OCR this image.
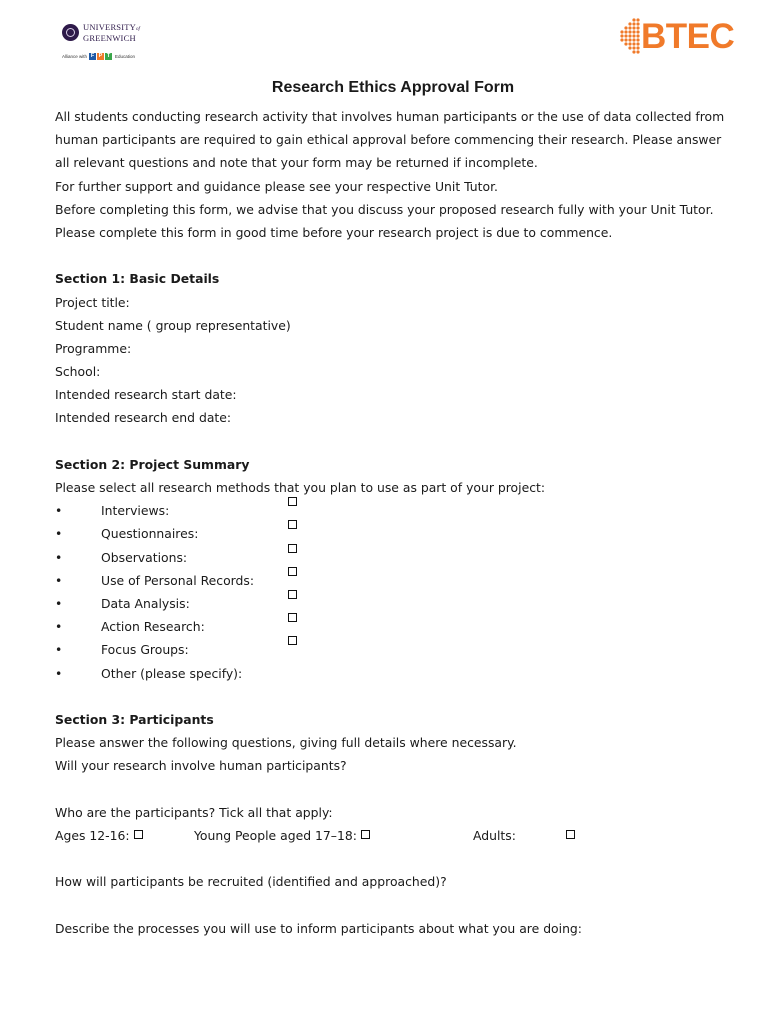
UNIVERSITYof
GREENWICH
Alliance with F P T	Education
BTEC
Research Ethics Approval Form
All students conducting research activity that involves human participants or the use of data collected from
human participants are required to gain ethical approval before commencing their research. Please answer
all relevant questions and note that your form may be returned if incomplete.
For further support and guidance please see your respective Unit Tutor.
Before completing this form, we advise that you discuss your proposed research fully with your Unit Tutor.
Please complete this form in good time before your research project is due to commence.
Section 1: Basic Details
Project title:
Student name ( group representative)
Programme:
School:
Intended research start date:
Intended research end date:
Section 2: Project Summary
Please select all research methods that you plan to use as part of your project:
•	Interviews:
•	Questionnaires:
•	Observations:
•	Use of Personal Records:
•	Data Analysis:
•	Action Research:
•	Focus Groups:
•	Other (please specify):
Section 3: Participants
Please answer the following questions, giving full details where necessary.
Will your research involve human participants?
Who are the participants? Tick all that apply:
Ages 12-16:	Young People aged 17–18:	Adults:
How will participants be recruited (identified and approached)?
Describe the processes you will use to inform participants about what you are doing:
